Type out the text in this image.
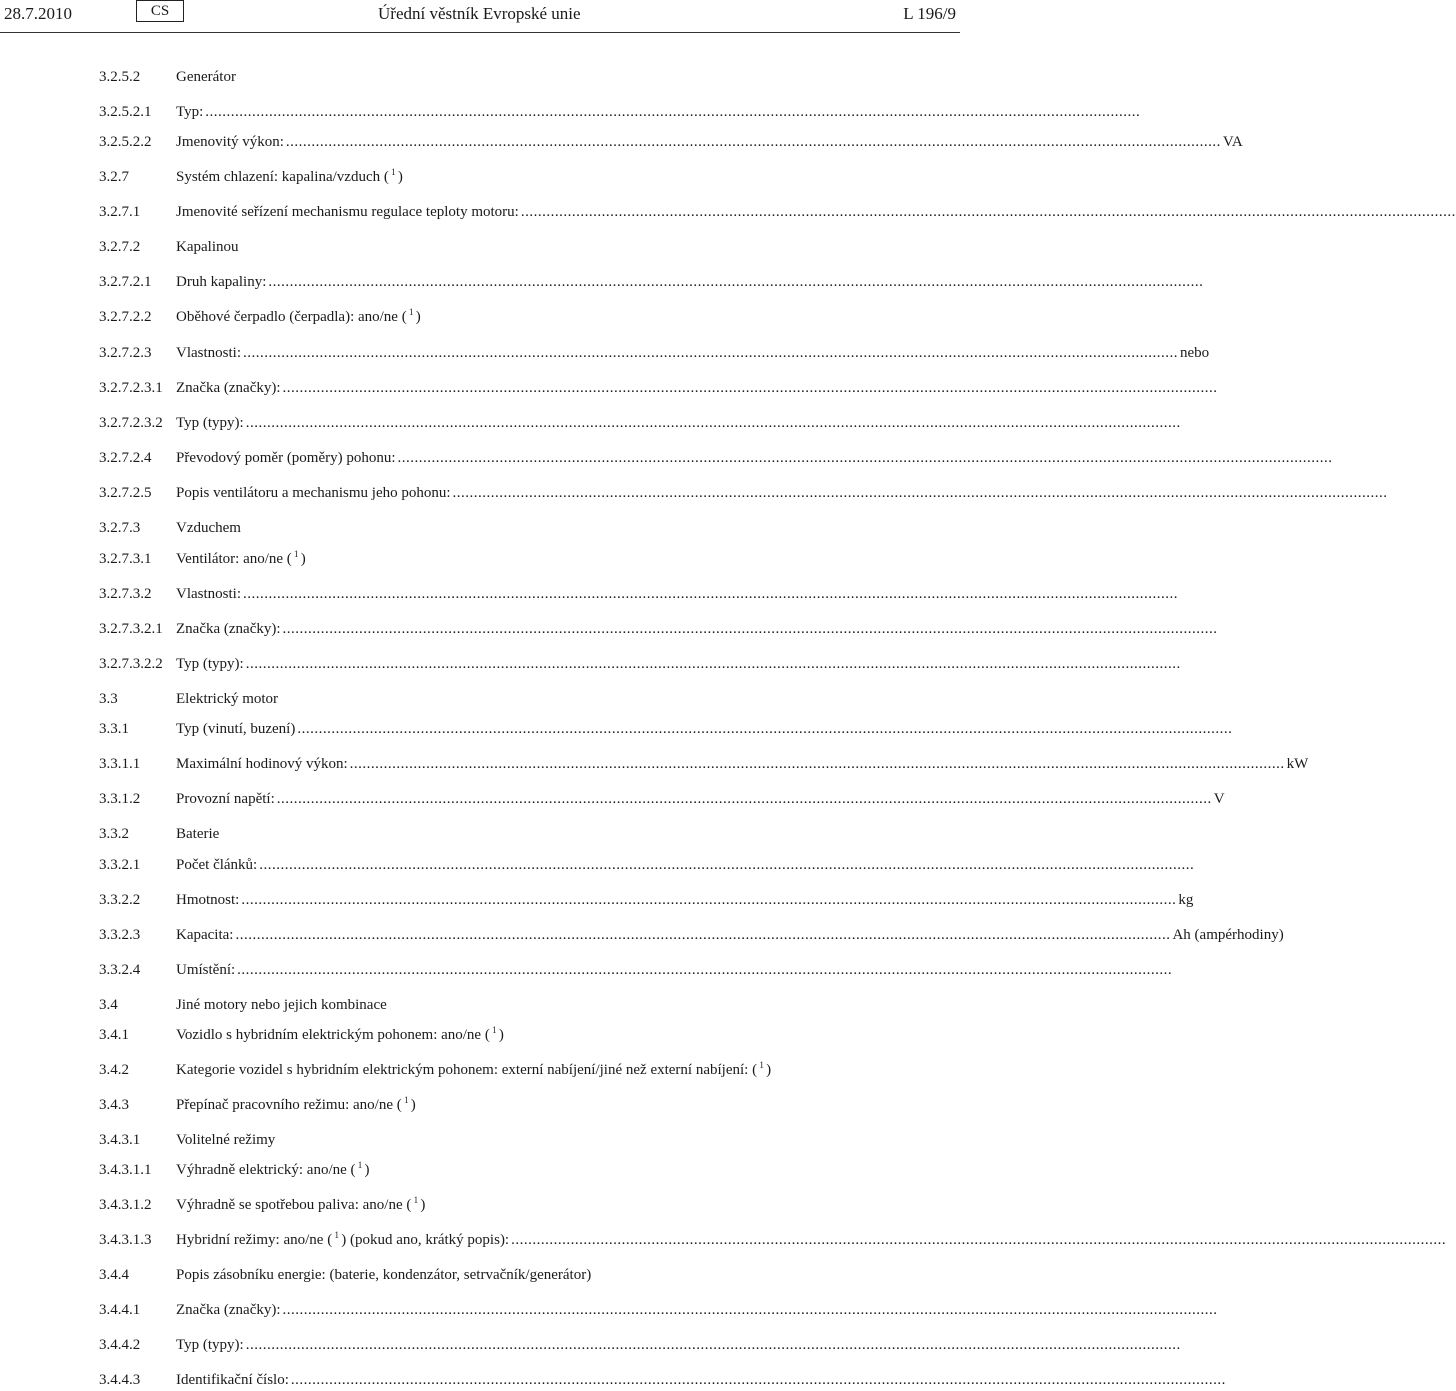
28.7.2010	CS	Úřední věstník Evropské unie	L 196/9
3.2.5.2 Generátor
3.2.5.2.1 Typ: ............................................................................................................................................................................................................................
3.2.5.2.2 Jmenovitý výkon: ............................................................................................................................................................................................................................ VA
3.2.7	Systém chlazení: kapalina/vzduch ( $^1$ )
3.2.7.1 Jmenovité seřízení mechanismu regulace teploty motoru: ............................................................................................................................................................................................................................
3.2.7.2 Kapalinou
3.2.7.2.1 Druh kapaliny: ............................................................................................................................................................................................................................
3.2.7.2.2 Oběhové čerpadlo (čerpadla): ano/ne ( $^1$ )
3.2.7.2.3 Vlastnosti: ............................................................................................................................................................................................................................ nebo
3.2.7.2.3.1 Značka (značky): ............................................................................................................................................................................................................................
3.2.7.2.3.2 Typ (typy): ............................................................................................................................................................................................................................
3.2.7.2.4 Převodový poměr (poměry) pohonu: ............................................................................................................................................................................................................................
3.2.7.2.5 Popis ventilátoru a mechanismu jeho pohonu: ............................................................................................................................................................................................................................
3.2.7.3 Vzduchem
3.2.7.3.1 Ventilátor: ano/ne ( $^1$ )
3.2.7.3.2 Vlastnosti: ............................................................................................................................................................................................................................
3.2.7.3.2.1 Značka (značky): ............................................................................................................................................................................................................................
3.2.7.3.2.2 Typ (typy): ............................................................................................................................................................................................................................
3.3	Elektrický motor
3.3.1	Typ (vinutí, buzení) ............................................................................................................................................................................................................................
3.3.1.1 Maximální hodinový výkon: ............................................................................................................................................................................................................................ kW
3.3.1.2 Provozní napětí: ............................................................................................................................................................................................................................ V
3.3.2	Baterie
3.3.2.1 Počet článků: ............................................................................................................................................................................................................................
3.3.2.2 Hmotnost: ............................................................................................................................................................................................................................ kg
3.3.2.3 Kapacita: ............................................................................................................................................................................................................................ Ah (ampérhodiny)
3.3.2.4 Umístění: ............................................................................................................................................................................................................................
3.4	Jiné motory nebo jejich kombinace
3.4.1	Vozidlo s hybridním elektrickým pohonem: ano/ne ( $^1$ )
3.4.2	Kategorie vozidel s hybridním elektrickým pohonem: externí nabíjení/jiné než externí nabíjení: ( $^1$ )
3.4.3	Přepínač pracovního režimu: ano/ne ( $^1$ )
3.4.3.1 Volitelné režimy
3.4.3.1.1 Výhradně elektrický: ano/ne ( $^1$ )
3.4.3.1.2 Výhradně se spotřebou paliva: ano/ne ( $^1$ )
3.4.3.1.3 Hybridní režimy: ano/ne ( $^1$ ) (pokud ano, krátký popis): ............................................................................................................................................................................................................................
3.4.4	Popis zásobníku energie: (baterie, kondenzátor, setrvačník/generátor)
3.4.4.1 Značka (značky): ............................................................................................................................................................................................................................
3.4.4.2 Typ (typy): ............................................................................................................................................................................................................................
3.4.4.3 Identifikační číslo: ............................................................................................................................................................................................................................
